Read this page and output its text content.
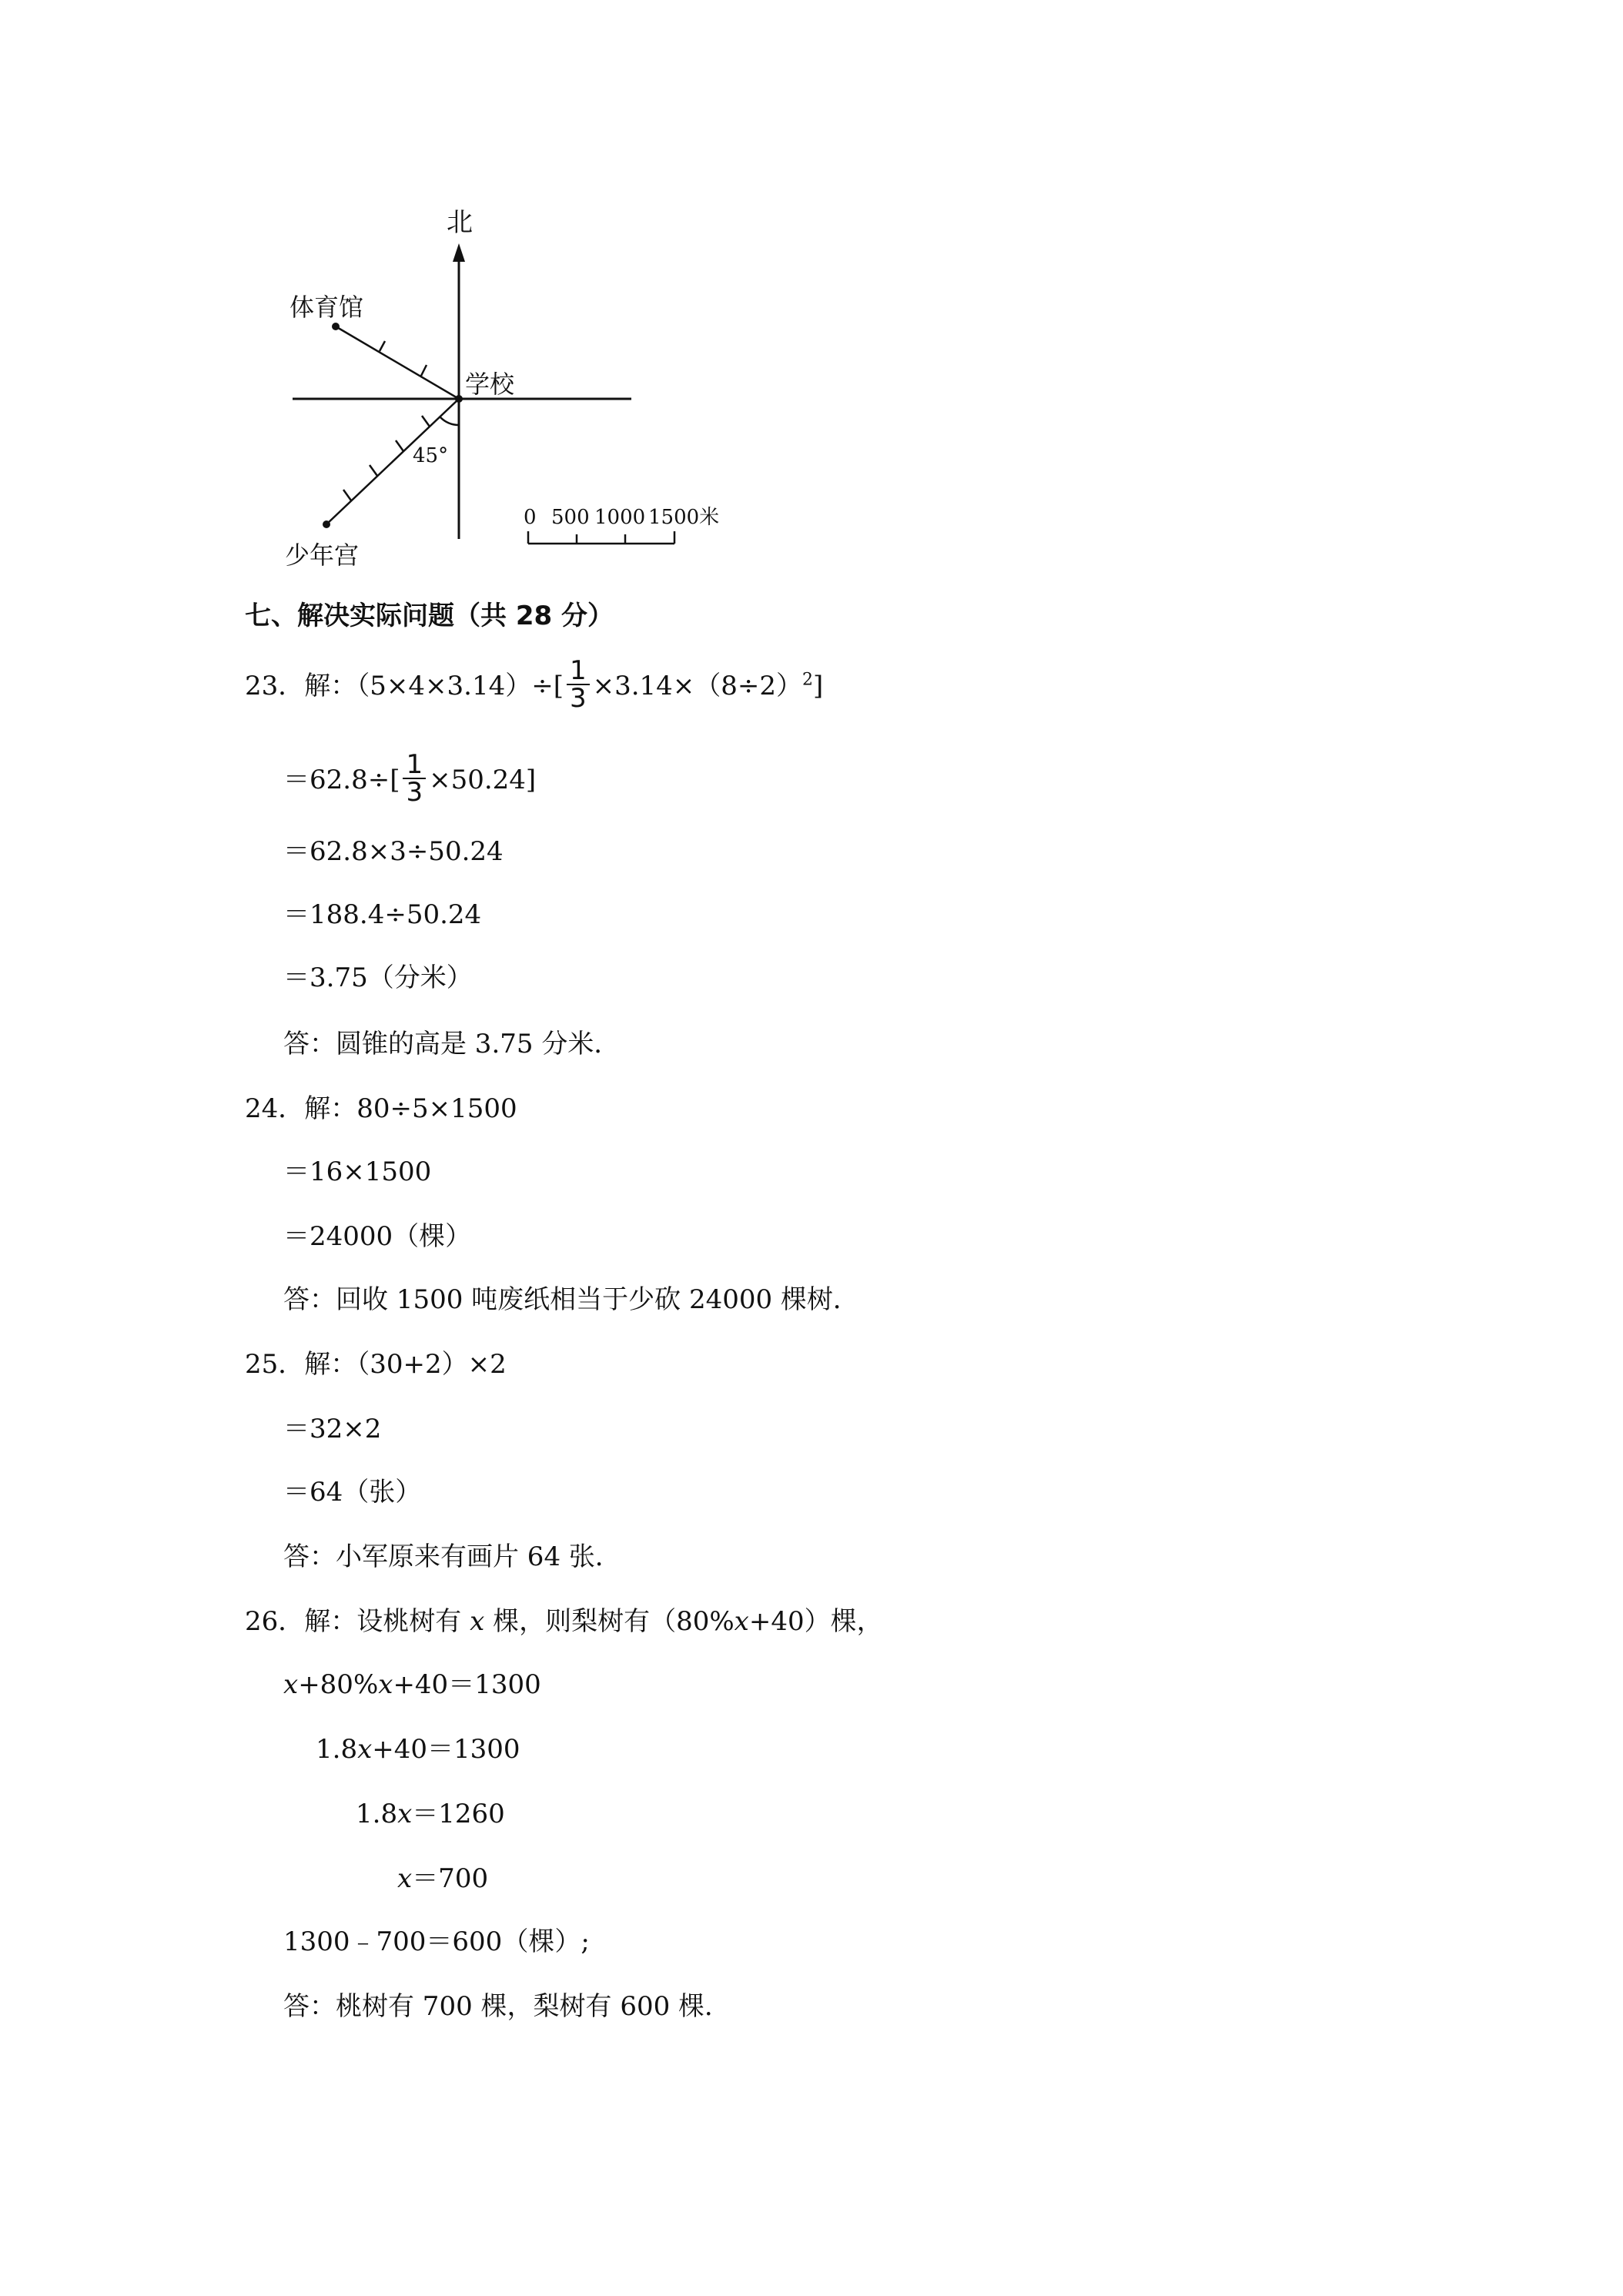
北
学校
体育馆
少年宫
45°
0 500 1000 1500米
七、解决实际问题（共 28 分）
23．解：$(5\times 4\times 3.14)\div[ \frac{1}{3} \times 3.14\times(8\div 2)^2]$
$=62.8\div[ \frac{1}{3} \times 50.24]$
＝62.8×3÷50.24
＝188.4÷50.24
＝3.75（分米）
答：圆锥的高是 3.75 分米．
24．解：80÷5×1500
＝16×1500
＝24000（棵）
答：回收 1500 吨废纸相当于少砍 24000 棵树．
25．解：（30+2）×2
＝32×2
＝64（张）
答：小军原来有画片 64 张．
26．解：设桃树有 x 棵，则梨树有（80%x+40）棵，
x+80%x+40＝1300
1.8x+40＝1300
1.8x＝1260
x＝700
1300﹣700＝600（棵）;
答：桃树有 700 棵，梨树有 600 棵．
